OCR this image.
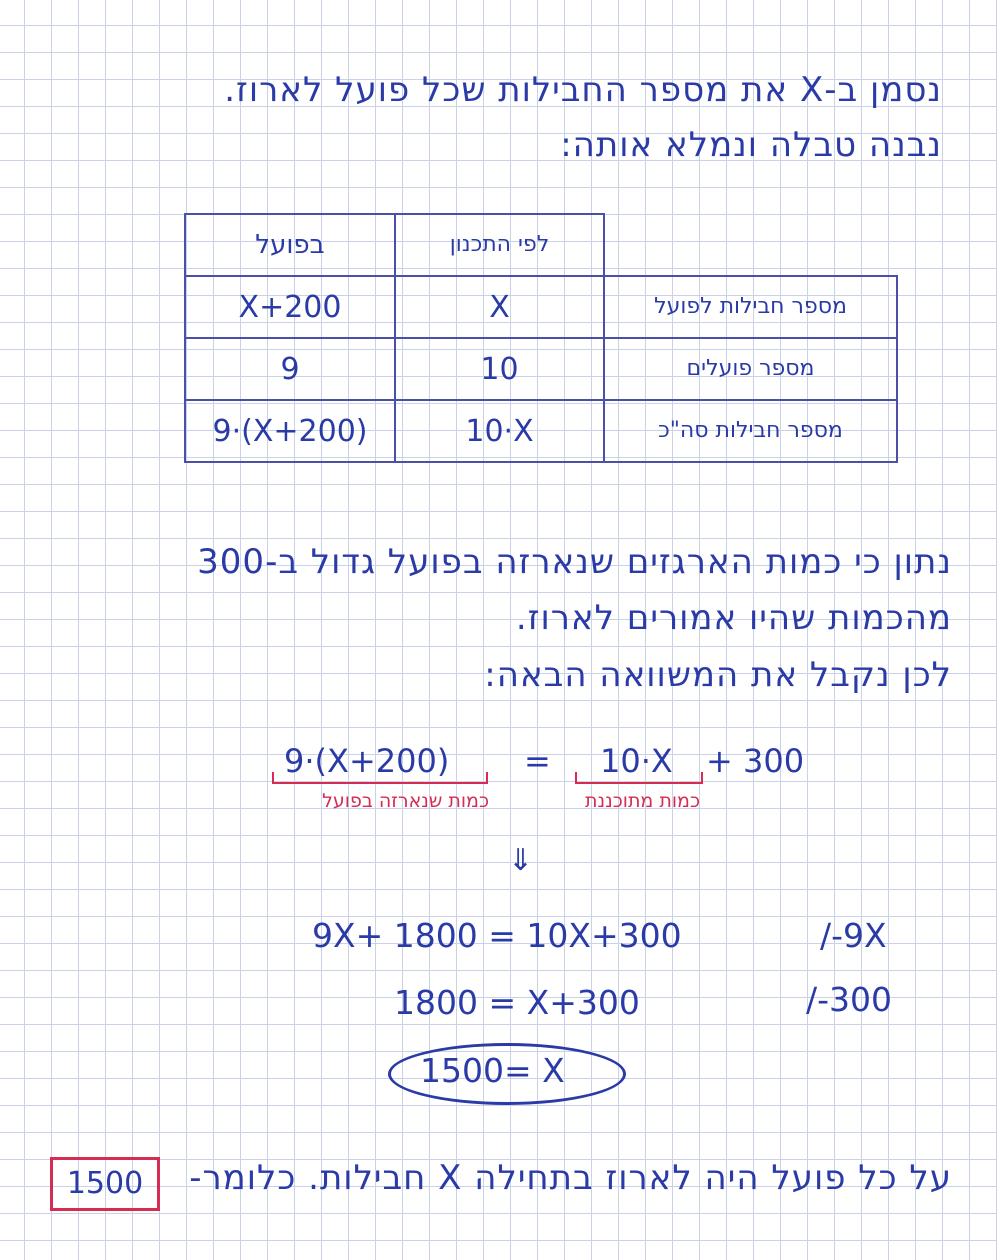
נסמן ב-X את מספר החבילות שכל פועל לארוז.
נבנה טבלה ונמלא אותה:
בפועל	לפי התכנון	
X+200	X	מספר חבילות לפועל
9	10	מספר פועלים
9·(X+200)	10·X	מספר חבילות סה"כ
נתון כי כמות הארגזים שנארזה בפועל גדול ב-300
מהכמות שהיו אמורים לארוז.
לכן נקבל את המשוואה הבאה:
9·(X+200) = 10·X + 300
כמות שנארזה בפועל	כמות מתוכננת
⇓
9X+ 1800 = 10X+300	/-9X
1800 = X+300	/-300
1500= X
על כל פועל היה לארוז בתחילה X חבילות. כלומר-
1500
